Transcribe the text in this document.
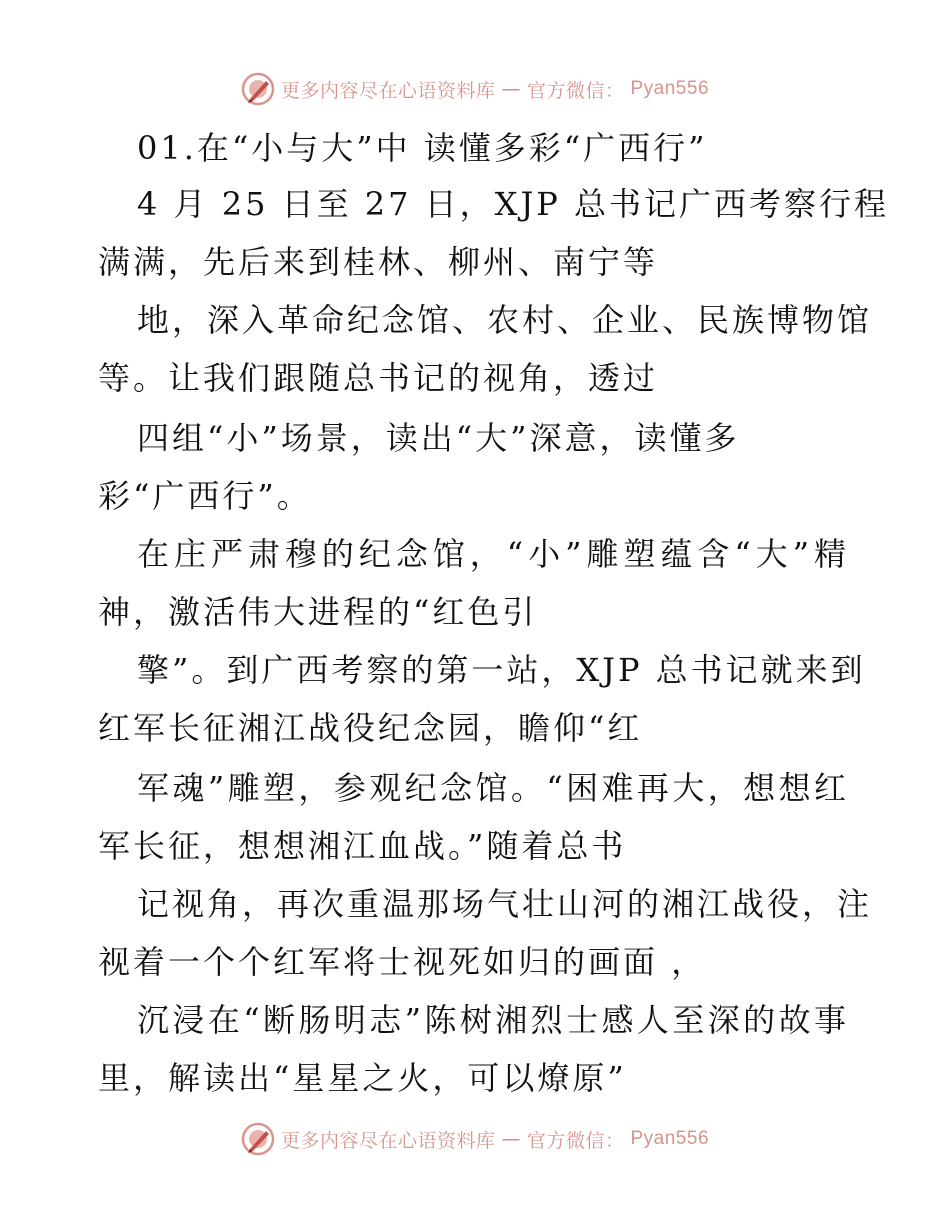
更多内容尽在心语资料库 — 官方微信： Pyan556
01.在“小与大”中 读懂多彩“广西行”
4 月 25 日至 27 日，XJP 总书记广西考察行程
满满，先后来到桂林、柳州、南宁等
地，深入革命纪念馆、农村、企业、民族博物馆
等。让我们跟随总书记的视角，透过
四组“小”场景，读出“大”深意，读懂多
彩“广西行”。
在庄严肃穆的纪念馆，“小”雕塑蕴含“大”精
神，激活伟大进程的“红色引
擎”。到广西考察的第一站，XJP 总书记就来到
红军长征湘江战役纪念园，瞻仰“红
军魂”雕塑，参观纪念馆。“困难再大，想想红
军长征，想想湘江血战。”随着总书
记视角，再次重温那场气壮山河的湘江战役，注
视着一个个红军将士视死如归的画面 ，
沉浸在“断肠明志”陈树湘烈士感人至深的故事
里，解读出“星星之火，可以燎原”
更多内容尽在心语资料库 — 官方微信： Pyan556
